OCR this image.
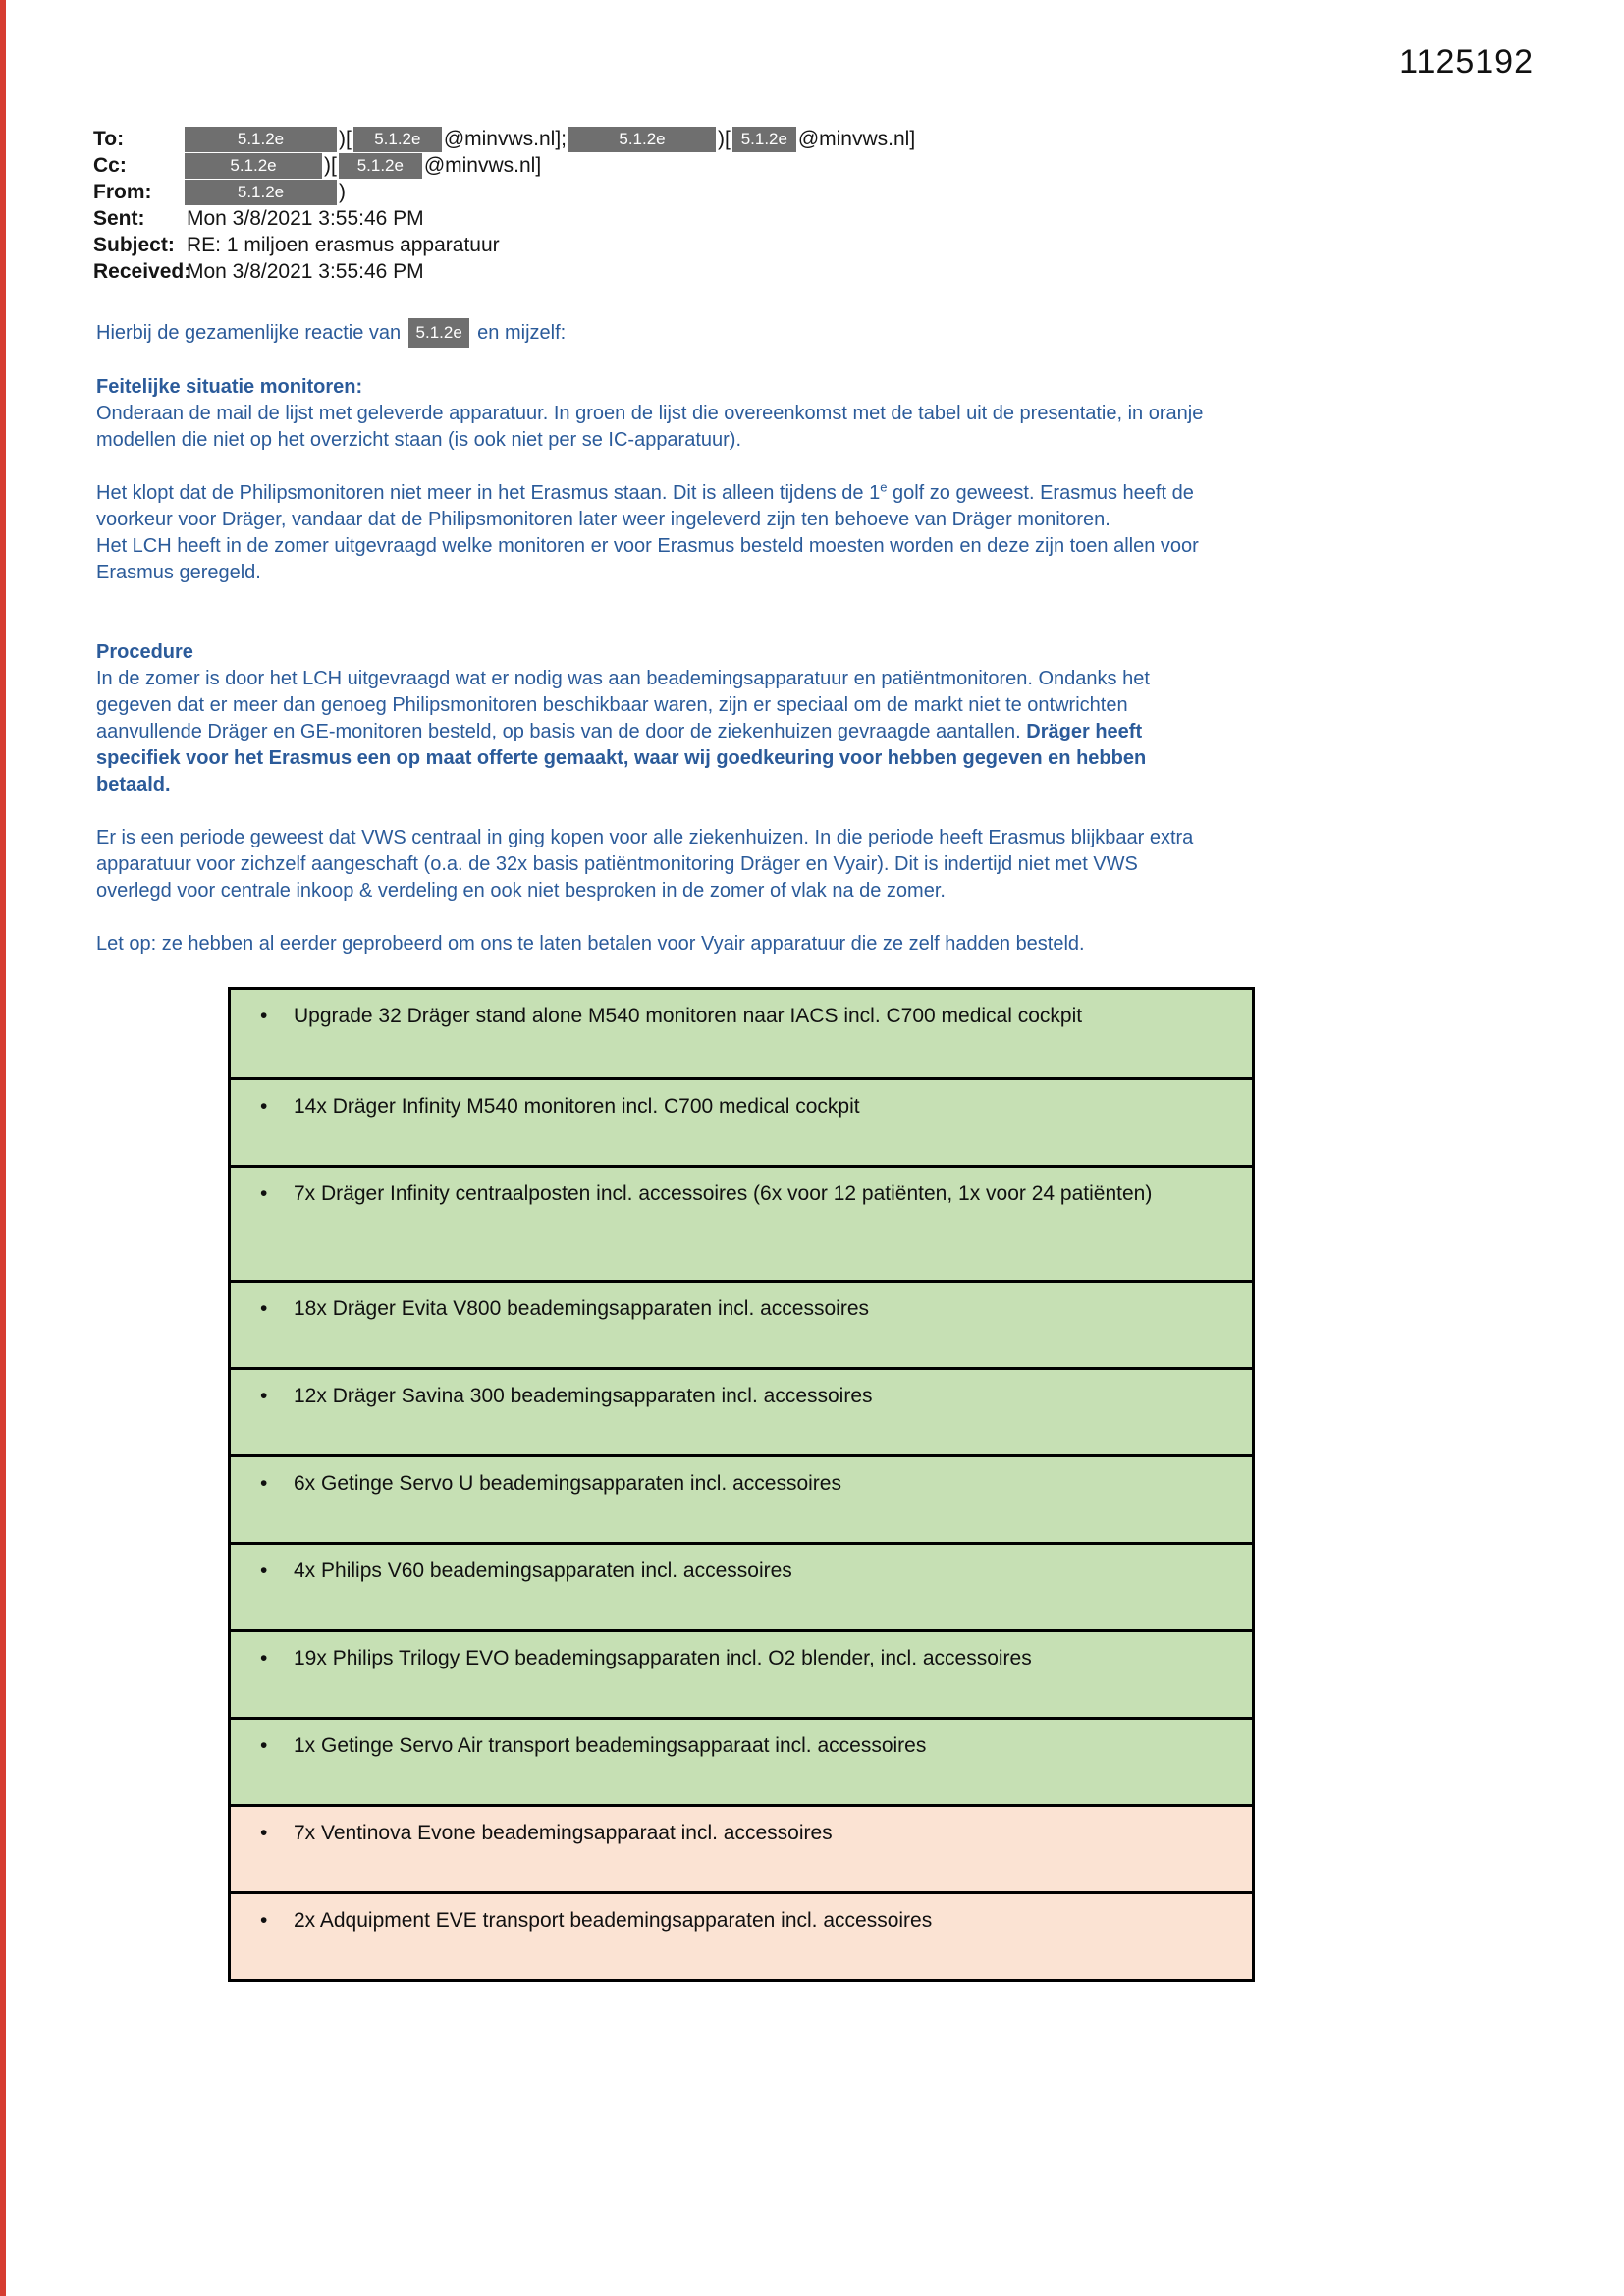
1125192
To:	5.1.2e	)[	5.1.2e	@minvws.nl];	5.1.2e	)[ 5.1.2e @minvws.nl]
Cc:	5.1.2e	)[	5.1.2e @minvws.nl]
From:	5.1.2e	)
Sent:	Mon 3/8/2021 3:55:46 PM
Subject: RE: 1 miljoen erasmus apparatuur
Received:
Mon 3/8/2021 3:55:46 PM
Hierbij de gezamenlijke reactie van 5.1.2e en mijzelf:
Feitelijke situatie monitoren:

Onderaan de mail de lijst met geleverde apparatuur. In groen de lijst die overeenkomst met de tabel uit de presentatie, in oranje modellen die niet op het overzicht staan (is ook niet per se IC-apparatuur).

Het klopt dat de Philipsmonitoren niet meer in het Erasmus staan. Dit is alleen tijdens de 1e golf zo geweest. Erasmus heeft de voorkeur voor Dräger, vandaar dat de Philipsmonitoren later weer ingeleverd zijn ten behoeve van Dräger monitoren.
Het LCH heeft in de zomer uitgevraagd welke monitoren er voor Erasmus besteld moesten worden en deze zijn toen allen voor Erasmus geregeld.

Procedure

In de zomer is door het LCH uitgevraagd wat er nodig was aan beademingsapparatuur en patiëntmonitoren. Ondanks het gegeven dat er meer dan genoeg Philipsmonitoren beschikbaar waren, zijn er speciaal om de markt niet te ontwrichten aanvullende Dräger en GE-monitoren besteld, op basis van de door de ziekenhuizen gevraagde aantallen. Dräger heeft specifiek voor het Erasmus een op maat offerte gemaakt, waar wij goedkeuring voor hebben gegeven en hebben betaald.

Er is een periode geweest dat VWS centraal in ging kopen voor alle ziekenhuizen. In die periode heeft Erasmus blijkbaar extra apparatuur voor zichzelf aangeschaft (o.a. de 32x basis patiëntmonitoring Dräger en Vyair). Dit is indertijd niet met VWS overlegd voor centrale inkoop & verdeling en ook niet besproken in de zomer of vlak na de zomer.

Let op: ze hebben al eerder geprobeerd om ons te laten betalen voor Vyair apparatuur die ze zelf hadden besteld.

•	Upgrade 32 Dräger stand alone M540 monitoren naar IACS incl. C700 medical cockpit
•	14x Dräger Infinity M540 monitoren incl. C700 medical cockpit
•	7x Dräger Infinity centraalposten incl. accessoires (6x voor 12 patiënten, 1x voor 24 patiënten)
•	18x Dräger Evita V800 beademingsapparaten incl. accessoires
•	12x Dräger Savina 300 beademingsapparaten incl. accessoires
•	6x Getinge Servo U beademingsapparaten incl. accessoires
•	4x Philips V60 beademingsapparaten incl. accessoires
•	19x Philips Trilogy EVO beademingsapparaten incl. O2 blender, incl. accessoires
•	1x Getinge Servo Air transport beademingsapparaat incl. accessoires
•	7x Ventinova Evone beademingsapparaat incl. accessoires
•	2x Adquipment EVE transport beademingsapparaten incl. accessoires
